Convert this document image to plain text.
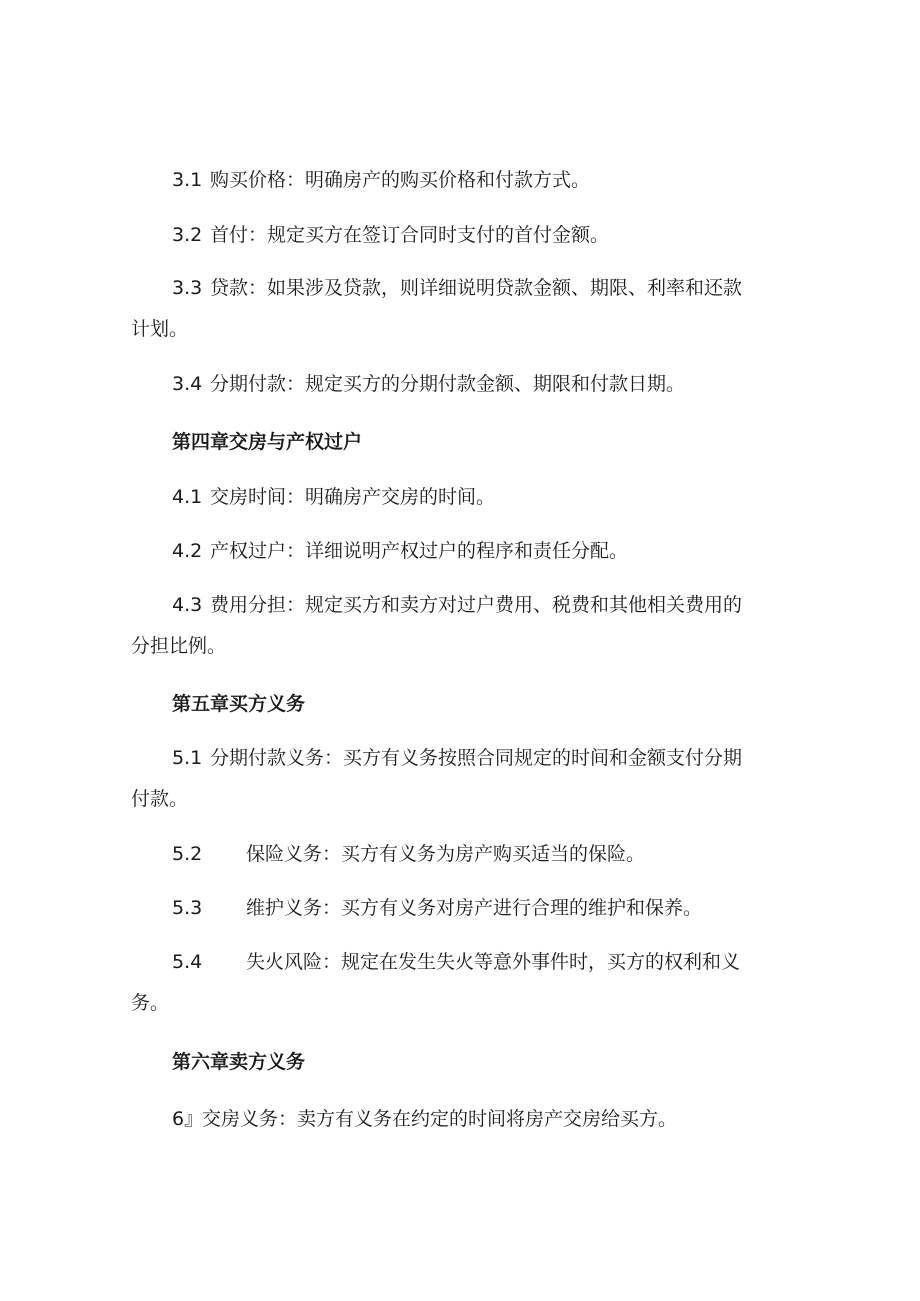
3.1 购买价格：明确房产的购买价格和付款方式。
3.2 首付：规定买方在签订合同时支付的首付金额。
3.3 贷款：如果涉及贷款，则详细说明贷款金额、期限、利率和还款
计划。
3.4 分期付款：规定买方的分期付款金额、期限和付款日期。
第四章交房与产权过户
4.1 交房时间：明确房产交房的时间。
4.2 产权过户：详细说明产权过户的程序和责任分配。
4.3 费用分担：规定买方和卖方对过户费用、税费和其他相关费用的
分担比例。
第五章买方义务
5.1 分期付款义务：买方有义务按照合同规定的时间和金额支付分期
付款。
5.2 保险义务：买方有义务为房产购买适当的保险。
5.3 维护义务：买方有义务对房产进行合理的维护和保养。
5.4 失火风险：规定在发生失火等意外事件时，买方的权利和义
务。
第六章卖方义务
6』交房义务：卖方有义务在约定的时间将房产交房给买方。
